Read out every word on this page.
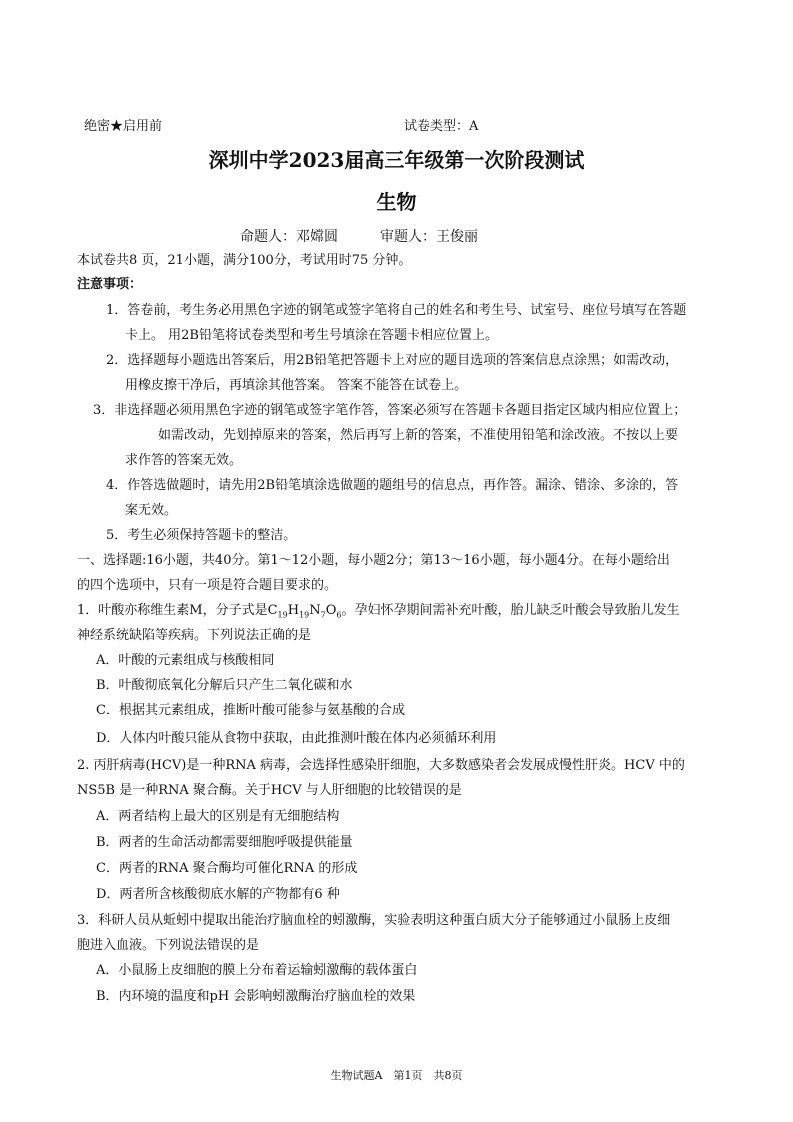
绝密★启用前	试卷类型：A
深圳中学2023届高三年级第一次阶段测试
生物
命题人：邓嫦圆　　　审题人：王俊丽
本试卷共8 页，21小题，满分100分，考试用时75 分钟。
注意事项：
1．答卷前，考生务必用黑色字迹的钢笔或签字笔将自己的姓名和考生号、试室号、座位号填写在答题
卡上。 用2B铅笔将试卷类型和考生号填涂在答题卡相应位置上。
2．选择题每小题选出答案后，用2B铅笔把答题卡上对应的题目选项的答案信息点涂黑；如需改动，
用橡皮擦干净后，再填涂其他答案。 答案不能答在试卷上。
3．非选择题必须用黑色字迹的钢笔或签字笔作答，答案必须写在答题卡各题目指定区域内相应位置上；
如需改动，先划掉原来的答案，然后再写上新的答案，不准使用铅笔和涂改液。不按以上要
求作答的答案无效。
4．作答选做题时，请先用2B铅笔填涂选做题的题组号的信息点，再作答。漏涂、错涂、多涂的，答
案无效。
5．考生必须保持答题卡的整洁。
一、选择题:16小题，共40分。第1～12小题，每小题2分；第13～16小题，每小题4分。在每小题给出
的四个选项中，只有一项是符合题目要求的。
1．叶酸亦称维生素M，分子式是$C_{19}H_{19}N_7O_6$。孕妇怀孕期间需补充叶酸，胎儿缺乏叶酸会导致胎儿发生
神经系统缺陷等疾病。下列说法正确的是
A．叶酸的元素组成与核酸相同
B．叶酸彻底氧化分解后只产生二氧化碳和水
C．根据其元素组成，推断叶酸可能参与氨基酸的合成
D．人体内叶酸只能从食物中获取，由此推测叶酸在体内必须循环利用
2. 丙肝病毒(HCV)是一种RNA 病毒，会选择性感染肝细胞，大多数感染者会发展成慢性肝炎。HCV 中的
NS5B 是一种RNA 聚合酶。关于HCV 与人肝细胞的比较错误的是
A．两者结构上最大的区别是有无细胞结构
B．两者的生命活动都需要细胞呼吸提供能量
C．两者的RNA 聚合酶均可催化RNA 的形成
D．两者所含核酸彻底水解的产物都有6 种
3．科研人员从蚯蚓中提取出能治疗脑血栓的蚓激酶，实验表明这种蛋白质大分子能够通过小鼠肠上皮细
胞进入血液。下列说法错误的是
A．小鼠肠上皮细胞的膜上分布着运输蚓激酶的载体蛋白
B．内环境的温度和pH 会影响蚓激酶治疗脑血栓的效果
生物试题A　第1页　共8页
